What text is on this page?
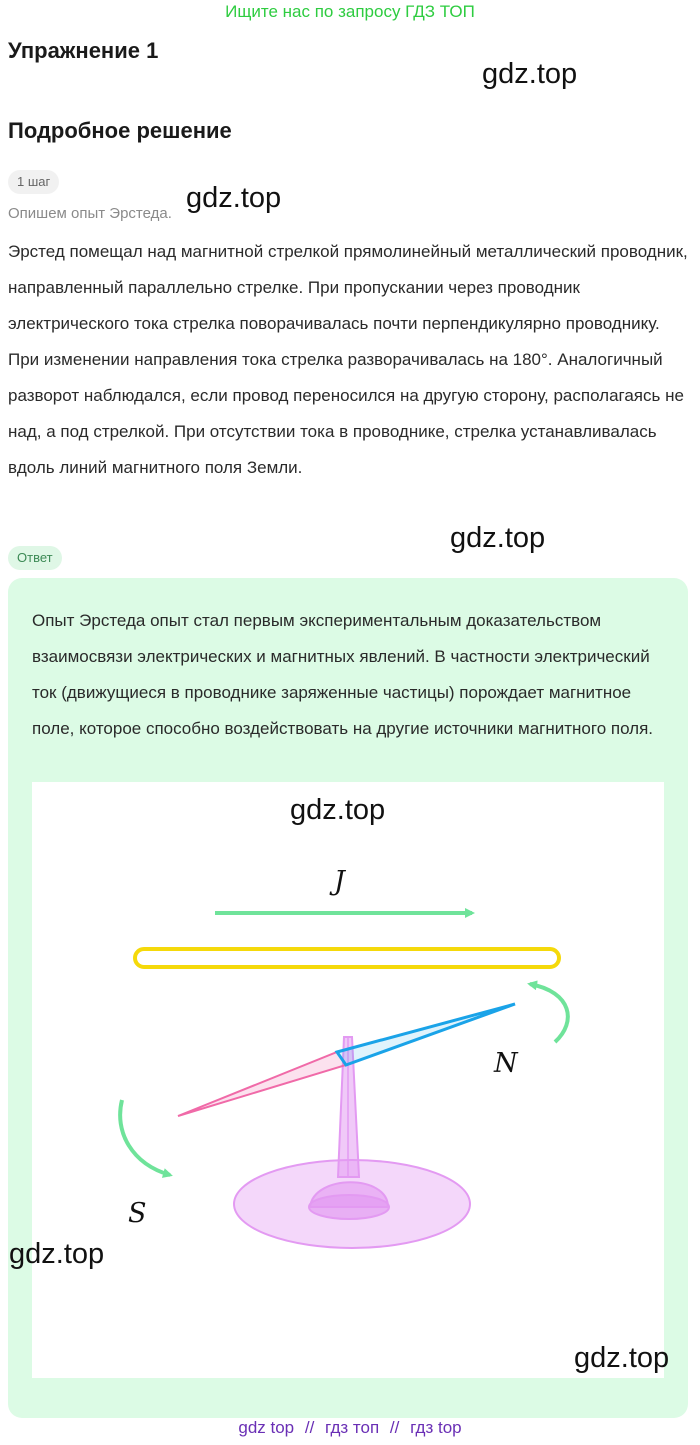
Ищите нас по запросу ГДЗ ТОП
Упражнение 1
gdz.top
Подробное решение
1 шаг
gdz.top
Опишем опыт Эрстеда.
Эрстед помещал над магнитной стрелкой прямолинейный металлический проводник, направленный параллельно стрелке. При пропускании через проводник электрического тока стрелка поворачивалась почти перпендикулярно проводнику. При изменении направления тока стрелка разворачивалась на 180°. Аналогичный разворот наблюдался, если провод переносился на другую сторону, располагаясь не над, а под стрелкой. При отсутствии тока в проводнике, стрелка устанавливалась вдоль линий магнитного поля Земли.
gdz.top
Ответ
Опыт Эрстеда опыт стал первым экспериментальным доказательством взаимосвязи электрических и магнитных явлений. В частности электрический ток (движущиеся в проводнике заряженные частицы) порождает магнитное поле, которое способно воздействовать на другие источники магнитного поля.
J
N
S
gdz.top
gdz.top
gdz.top
gdz top // гдз топ // гдз top
